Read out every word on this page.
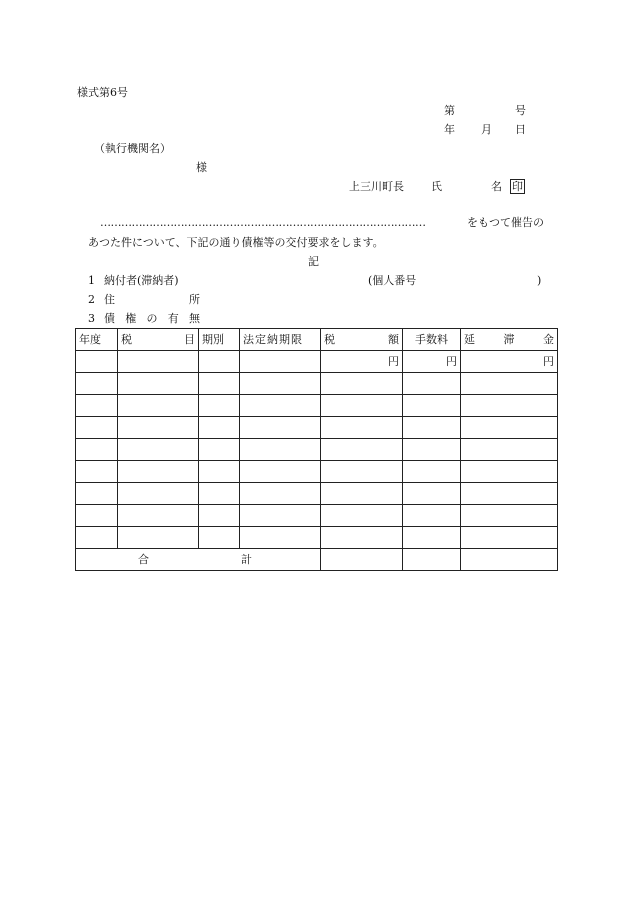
様式第6号
第	号
年 月 日
（執行機関名）
様
上三川町長 氏	名 印
…………………………………………………………………………………	をもつて催告の
あつた件について、下記の通り債権等の交付要求をします。
記
1 納付者(滞納者)	(個人番号	)
2 住	所
3 債 権 の 有 無
年度	税 目	期別	法定納期限	税 額	手数料	延 滞 金

				円	円	円

合 計						
